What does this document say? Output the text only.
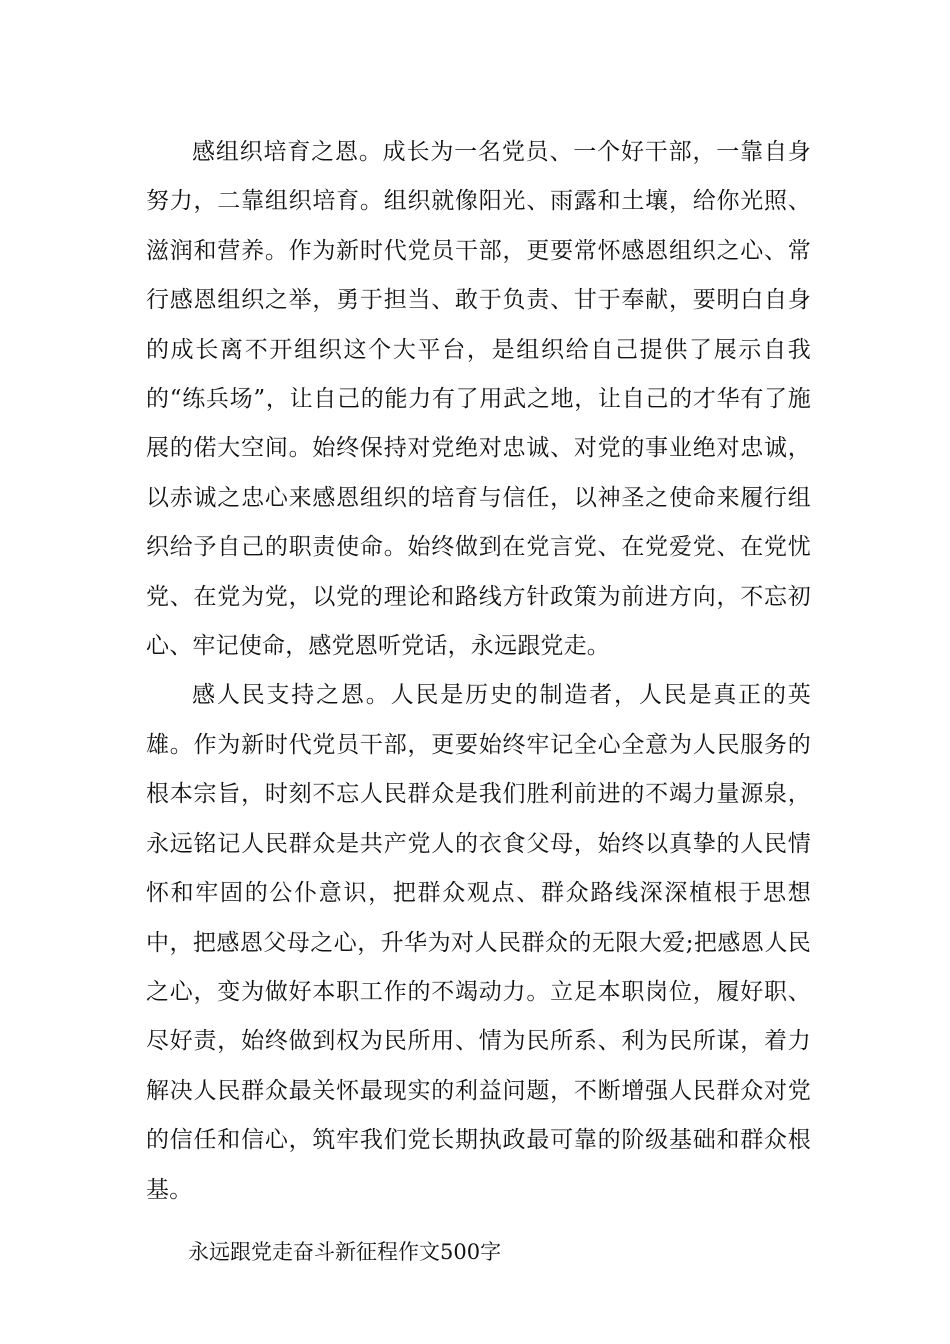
感组织培育之恩。成长为一名党员、一个好干部，一靠自身努力，二靠组织培育。组织就像阳光、雨露和土壤，给你光照、滋润和营养。作为新时代党员干部，更要常怀感恩组织之心、常行感恩组织之举，勇于担当、敢于负责、甘于奉献，要明白自身的成长离不开组织这个大平台，是组织给自己提供了展示自我的“练兵场”，让自己的能力有了用武之地，让自己的才华有了施展的偌大空间。始终保持对党绝对忠诚、对党的事业绝对忠诚，以赤诚之忠心来感恩组织的培育与信任，以神圣之使命来履行组织给予自己的职责使命。始终做到在党言党、在党爱党、在党忧党、在党为党，以党的理论和路线方针政策为前进方向，不忘初心、牢记使命，感党恩听党话，永远跟党走。

感人民支持之恩。人民是历史的制造者，人民是真正的英雄。作为新时代党员干部，更要始终牢记全心全意为人民服务的根本宗旨，时刻不忘人民群众是我们胜利前进的不竭力量源泉，永远铭记人民群众是共产党人的衣食父母，始终以真挚的人民情怀和牢固的公仆意识，把群众观点、群众路线深深植根于思想中，把感恩父母之心，升华为对人民群众的无限大爱;把感恩人民之心，变为做好本职工作的不竭动力。立足本职岗位，履好职、尽好责，始终做到权为民所用、情为民所系、利为民所谋，着力解决人民群众最关怀最现实的利益问题，不断增强人民群众对党的信任和信心，筑牢我们党长期执政最可靠的阶级基础和群众根基。

永远跟党走奋斗新征程作文500字
